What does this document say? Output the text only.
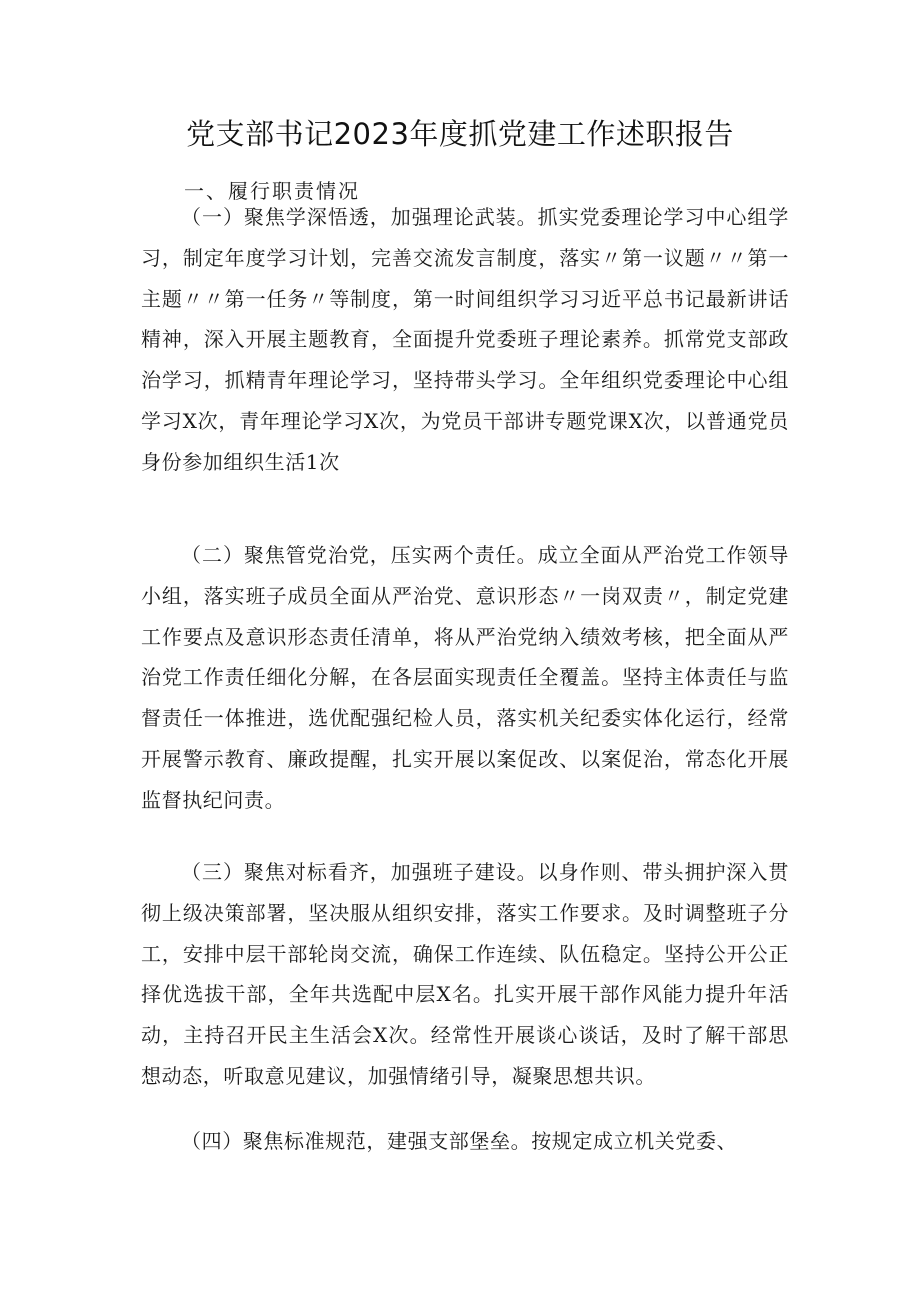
党支部书记2023年度抓党建工作述职报告
一、履行职责情况

（一）聚焦学深悟透，加强理论武装。抓实党委理论学习中心组学习，制定年度学习计划，完善交流发言制度，落实〃第一议题〃〃第一主题〃〃第一任务〃等制度，第一时间组织学习习近平总书记最新讲话精神，深入开展主题教育，全面提升党委班子理论素养。抓常党支部政治学习，抓精青年理论学习，坚持带头学习。全年组织党委理论中心组学习X次，青年理论学习X次，为党员干部讲专题党课X次，以普通党员身份参加组织生活1次

（二）聚焦管党治党，压实两个责任。成立全面从严治党工作领导小组，落实班子成员全面从严治党、意识形态〃一岗双责〃，制定党建工作要点及意识形态责任清单，将从严治党纳入绩效考核，把全面从严治党工作责任细化分解，在各层面实现责任全覆盖。坚持主体责任与监督责任一体推进，选优配强纪检人员，落实机关纪委实体化运行，经常开展警示教育、廉政提醒，扎实开展以案促改、以案促治，常态化开展监督执纪问责。

（三）聚焦对标看齐，加强班子建设。以身作则、带头拥护深入贯彻上级决策部署，坚决服从组织安排，落实工作要求。及时调整班子分工，安排中层干部轮岗交流，确保工作连续、队伍稳定。坚持公开公正择优选拔干部，全年共选配中层X名。扎实开展干部作风能力提升年活动，主持召开民主生活会X次。经常性开展谈心谈话，及时了解干部思想动态，听取意见建议，加强情绪引导，凝聚思想共识。

（四）聚焦标准规范，建强支部堡垒。按规定成立机关党委、
